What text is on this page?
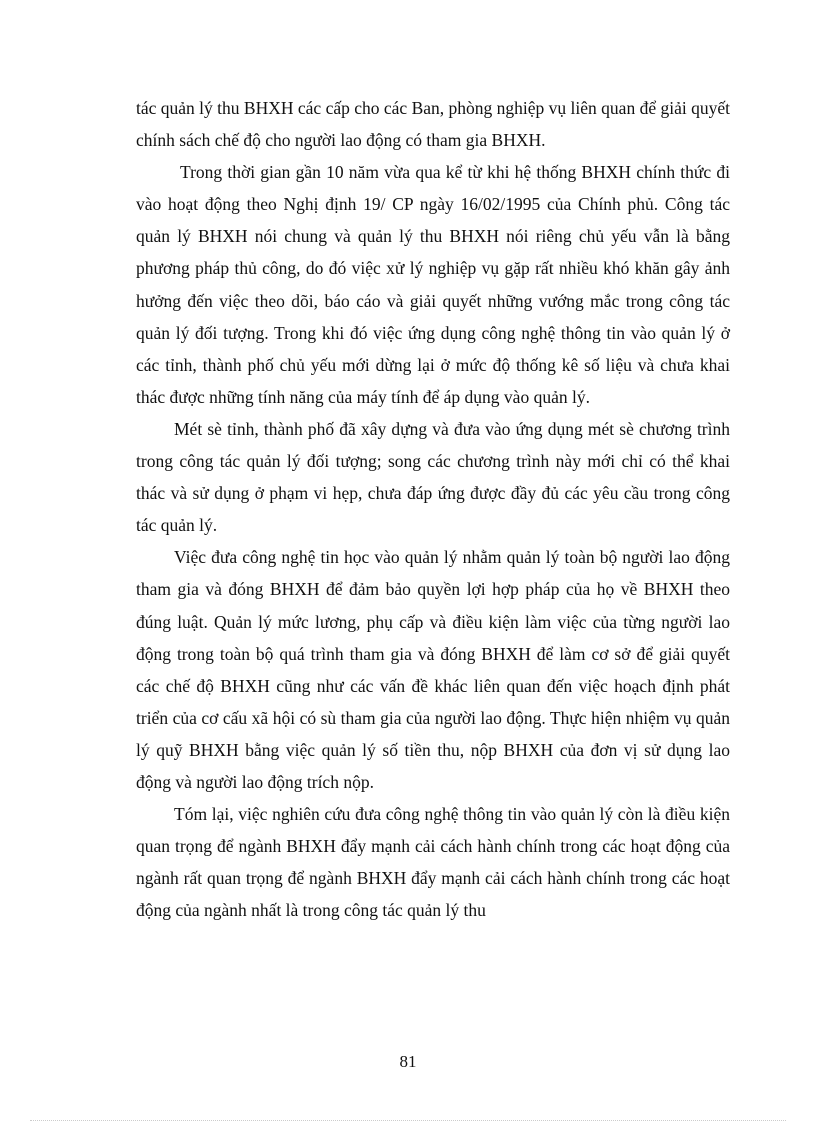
tác quản lý thu BHXH các cấp cho các Ban, phòng nghiệp vụ liên quan để giải quyết chính sách chế độ cho người lao động có tham gia BHXH.

Trong thời gian gần 10 năm vừa qua kể từ khi hệ thống BHXH chính thức đi vào hoạt động theo Nghị định 19/ CP ngày 16/02/1995 của Chính phủ. Công tác quản lý BHXH nói chung và quản lý thu BHXH nói riêng chủ yếu vẫn là bằng phương pháp thủ công, do đó việc xử lý nghiệp vụ gặp rất nhiều khó khăn gây ảnh hưởng đến việc theo dõi, báo cáo và giải quyết những vướng mắc trong công tác quản lý đối tượng. Trong khi đó việc ứng dụng công nghệ thông tin vào quản lý ở các tỉnh, thành phố chủ yếu mới dừng lại ở mức độ thống kê số liệu và chưa khai thác được những tính năng của máy tính để áp dụng vào quản lý.

Mét sè tỉnh, thành phố đã xây dựng và đưa vào ứng dụng mét sè chương trình trong công tác quản lý đối tượng; song các chương trình này mới chỉ có thể khai thác và sử dụng ở phạm vi hẹp, chưa đáp ứng được đầy đủ các yêu cầu trong công tác quản lý.

Việc đưa công nghệ tin học vào quản lý nhằm quản lý toàn bộ người lao động tham gia và đóng BHXH để đảm bảo quyền lợi hợp pháp của họ về BHXH theo đúng luật. Quản lý mức lương, phụ cấp và điều kiện làm việc của từng người lao động trong toàn bộ quá trình tham gia và đóng BHXH để làm cơ sở để giải quyết các chế độ BHXH cũng như các vấn đề khác liên quan đến việc hoạch định phát triển của cơ cấu xã hội có sù tham gia của người lao động. Thực hiện nhiệm vụ quản lý quỹ BHXH bằng việc quản lý số tiền thu, nộp BHXH của đơn vị sử dụng lao động và người lao động trích nộp.

Tóm lại, việc nghiên cứu đưa công nghệ thông tin vào quản lý còn là điều kiện quan trọng để ngành BHXH đẩy mạnh cải cách hành chính trong các hoạt động của ngành rất quan trọng để ngành BHXH đẩy mạnh cải cách hành chính trong các hoạt động của ngành nhất là trong công tác quản lý thu

81
